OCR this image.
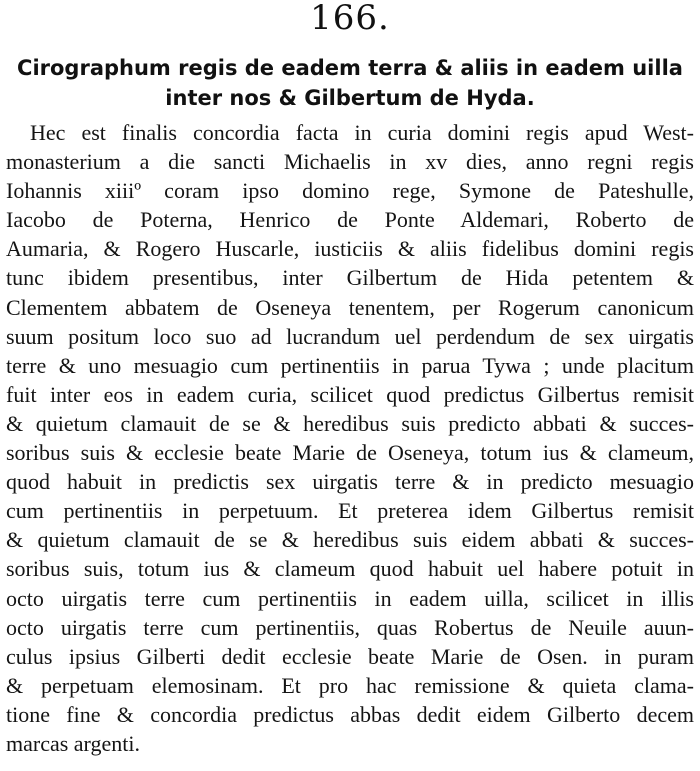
166.
Cirographum regis de eadem terra & aliis in eadem uilla
inter nos & Gilbertum de Hyda.
Hec est finalis concordia facta in curia domini regis apud West-
monasterium a die sancti Michaelis in xv dies, anno regni regis
Iohannis xiiiº coram ipso domino rege, Symone de Pateshulle,
Iacobo de Poterna, Henrico de Ponte Aldemari, Roberto de
Aumaria, & Rogero Huscarle, iusticiis & aliis fidelibus domini regis
tunc ibidem presentibus, inter Gilbertum de Hida petentem &
Clementem abbatem de Oseneya tenentem, per Rogerum canonicum
suum positum loco suo ad lucrandum uel perdendum de sex uirgatis
terre & uno mesuagio cum pertinentiis in parua Tywa ; unde placitum
fuit inter eos in eadem curia, scilicet quod predictus Gilbertus remisit
& quietum clamauit de se & heredibus suis predicto abbati & succes-
soribus suis & ecclesie beate Marie de Oseneya, totum ius & clameum,
quod habuit in predictis sex uirgatis terre & in predicto mesuagio
cum pertinentiis in perpetuum. Et preterea idem Gilbertus remisit
& quietum clamauit de se & heredibus suis eidem abbati & succes-
soribus suis, totum ius & clameum quod habuit uel habere potuit in
octo uirgatis terre cum pertinentiis in eadem uilla, scilicet in illis
octo uirgatis terre cum pertinentiis, quas Robertus de Neuile auun-
culus ipsius Gilberti dedit ecclesie beate Marie de Osen. in puram
& perpetuam elemosinam. Et pro hac remissione & quieta clama-
tione fine & concordia predictus abbas dedit eidem Gilberto decem
marcas argenti.
